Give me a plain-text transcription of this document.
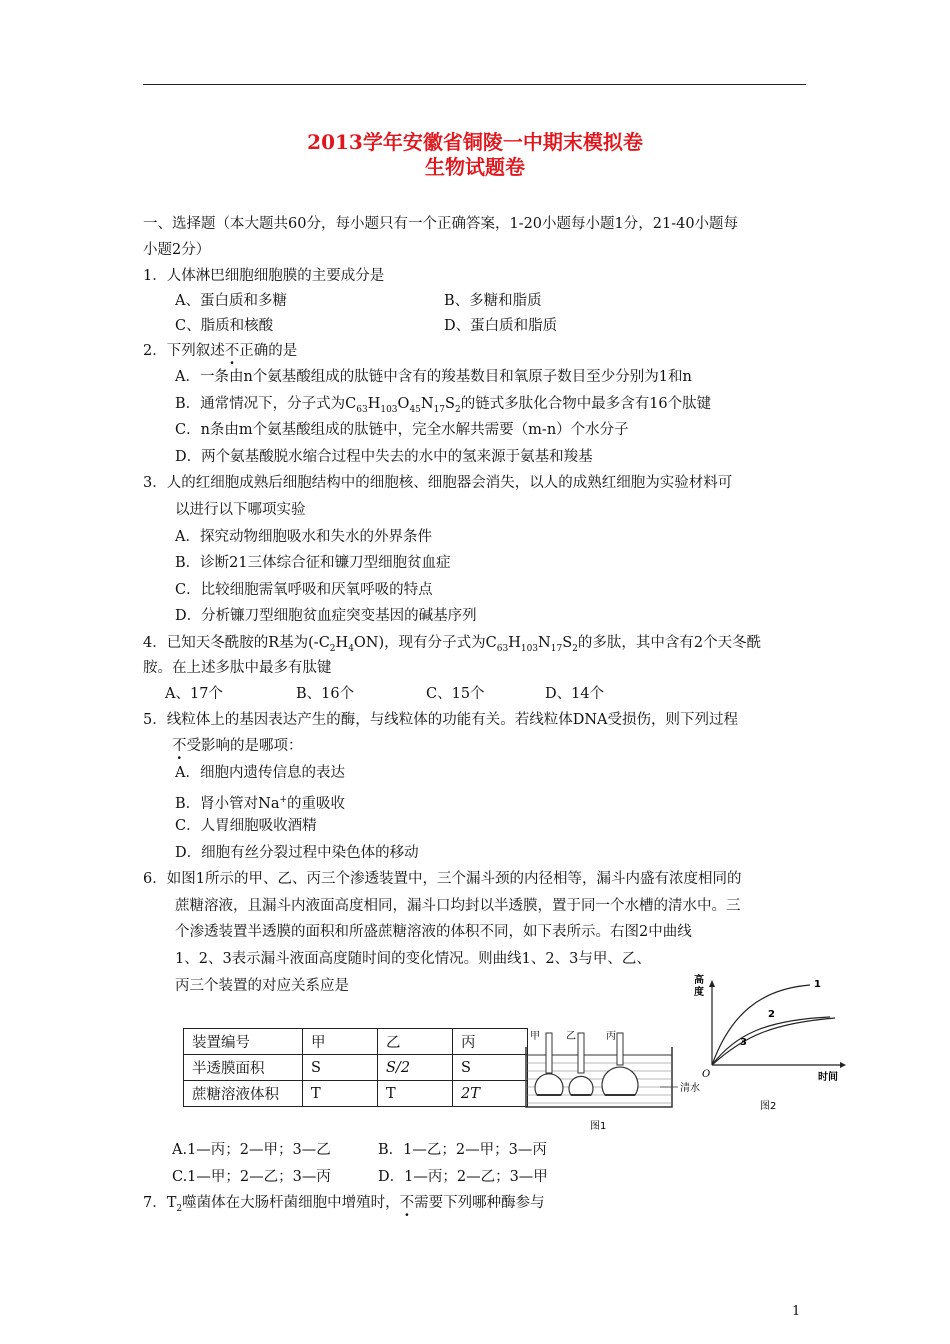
2013学年安徽省铜陵一中期末模拟卷
生物试题卷
一、选择题（本大题共60分，每小题只有一个正确答案，1-20小题每小题1分，21-40小题每
小题2分）
1．人体淋巴细胞细胞膜的主要成分是
A、蛋白质和多糖	B、多糖和脂质
C、脂质和核酸	D、蛋白质和脂质
2．下列叙述不正确的是
A．一条由n个氨基酸组成的肽链中含有的羧基数目和氧原子数目至少分别为1和n
B．通常情况下，分子式为$C_{63}H_{103}O_{45}N_{17}S_2$的链式多肽化合物中最多含有16个肽键
C．n条由m个氨基酸组成的肽链中，完全水解共需要（m-n）个水分子
D．两个氨基酸脱水缩合过程中失去的水中的氢来源于氨基和羧基
3．人的红细胞成熟后细胞结构中的细胞核、细胞器会消失，以人的成熟红细胞为实验材料可
以进行以下哪项实验
A．探究动物细胞吸水和失水的外界条件
B．诊断21三体综合征和镰刀型细胞贫血症
C．比较细胞需氧呼吸和厌氧呼吸的特点
D．分析镰刀型细胞贫血症突变基因的碱基序列
4．已知天冬酰胺的R基为$(-C_2H_4ON)$，现有分子式为$C_{63}H_{103}N_{17}S_2$的多肽，其中含有2个天冬酰
胺。在上述多肽中最多有肽键
A、17个	B、16个	C、15个	D、14个
5．线粒体上的基因表达产生的酶，与线粒体的功能有关。若线粒体DNA受损伤，则下列过程
不受影响的是哪项：
A．细胞内遗传信息的表达
B．肾小管对Na+的重吸收
C．人胃细胞吸收酒精
D．细胞有丝分裂过程中染色体的移动
6．如图1所示的甲、乙、丙三个渗透装置中，三个漏斗颈的内径相等，漏斗内盛有浓度相同的
蔗糖溶液，且漏斗内液面高度相同，漏斗口均封以半透膜，置于同一个水槽的清水中。三
个渗透装置半透膜的面积和所盛蔗糖溶液的体积不同，如下表所示。右图2中曲线
1、2、3表示漏斗液面高度随时间的变化情况。则曲线1、2、3与甲、乙、
丙三个装置的对应关系应是
装置编号	甲	乙	丙
半透膜面积	S	S/2	S
蔗糖溶液体积	T	T	2T
甲	乙	丙
清水
图1
高
度
O	时间
1
2
3
图2
A.1—丙；2—甲；3—乙	B．1—乙；2—甲；3—丙
C.1—甲；2—乙；3—丙	D．1—丙；2—乙；3—甲
7．$T_2$噬菌体在大肠杆菌细胞中增殖时，不需要下列哪种酶参与
1
